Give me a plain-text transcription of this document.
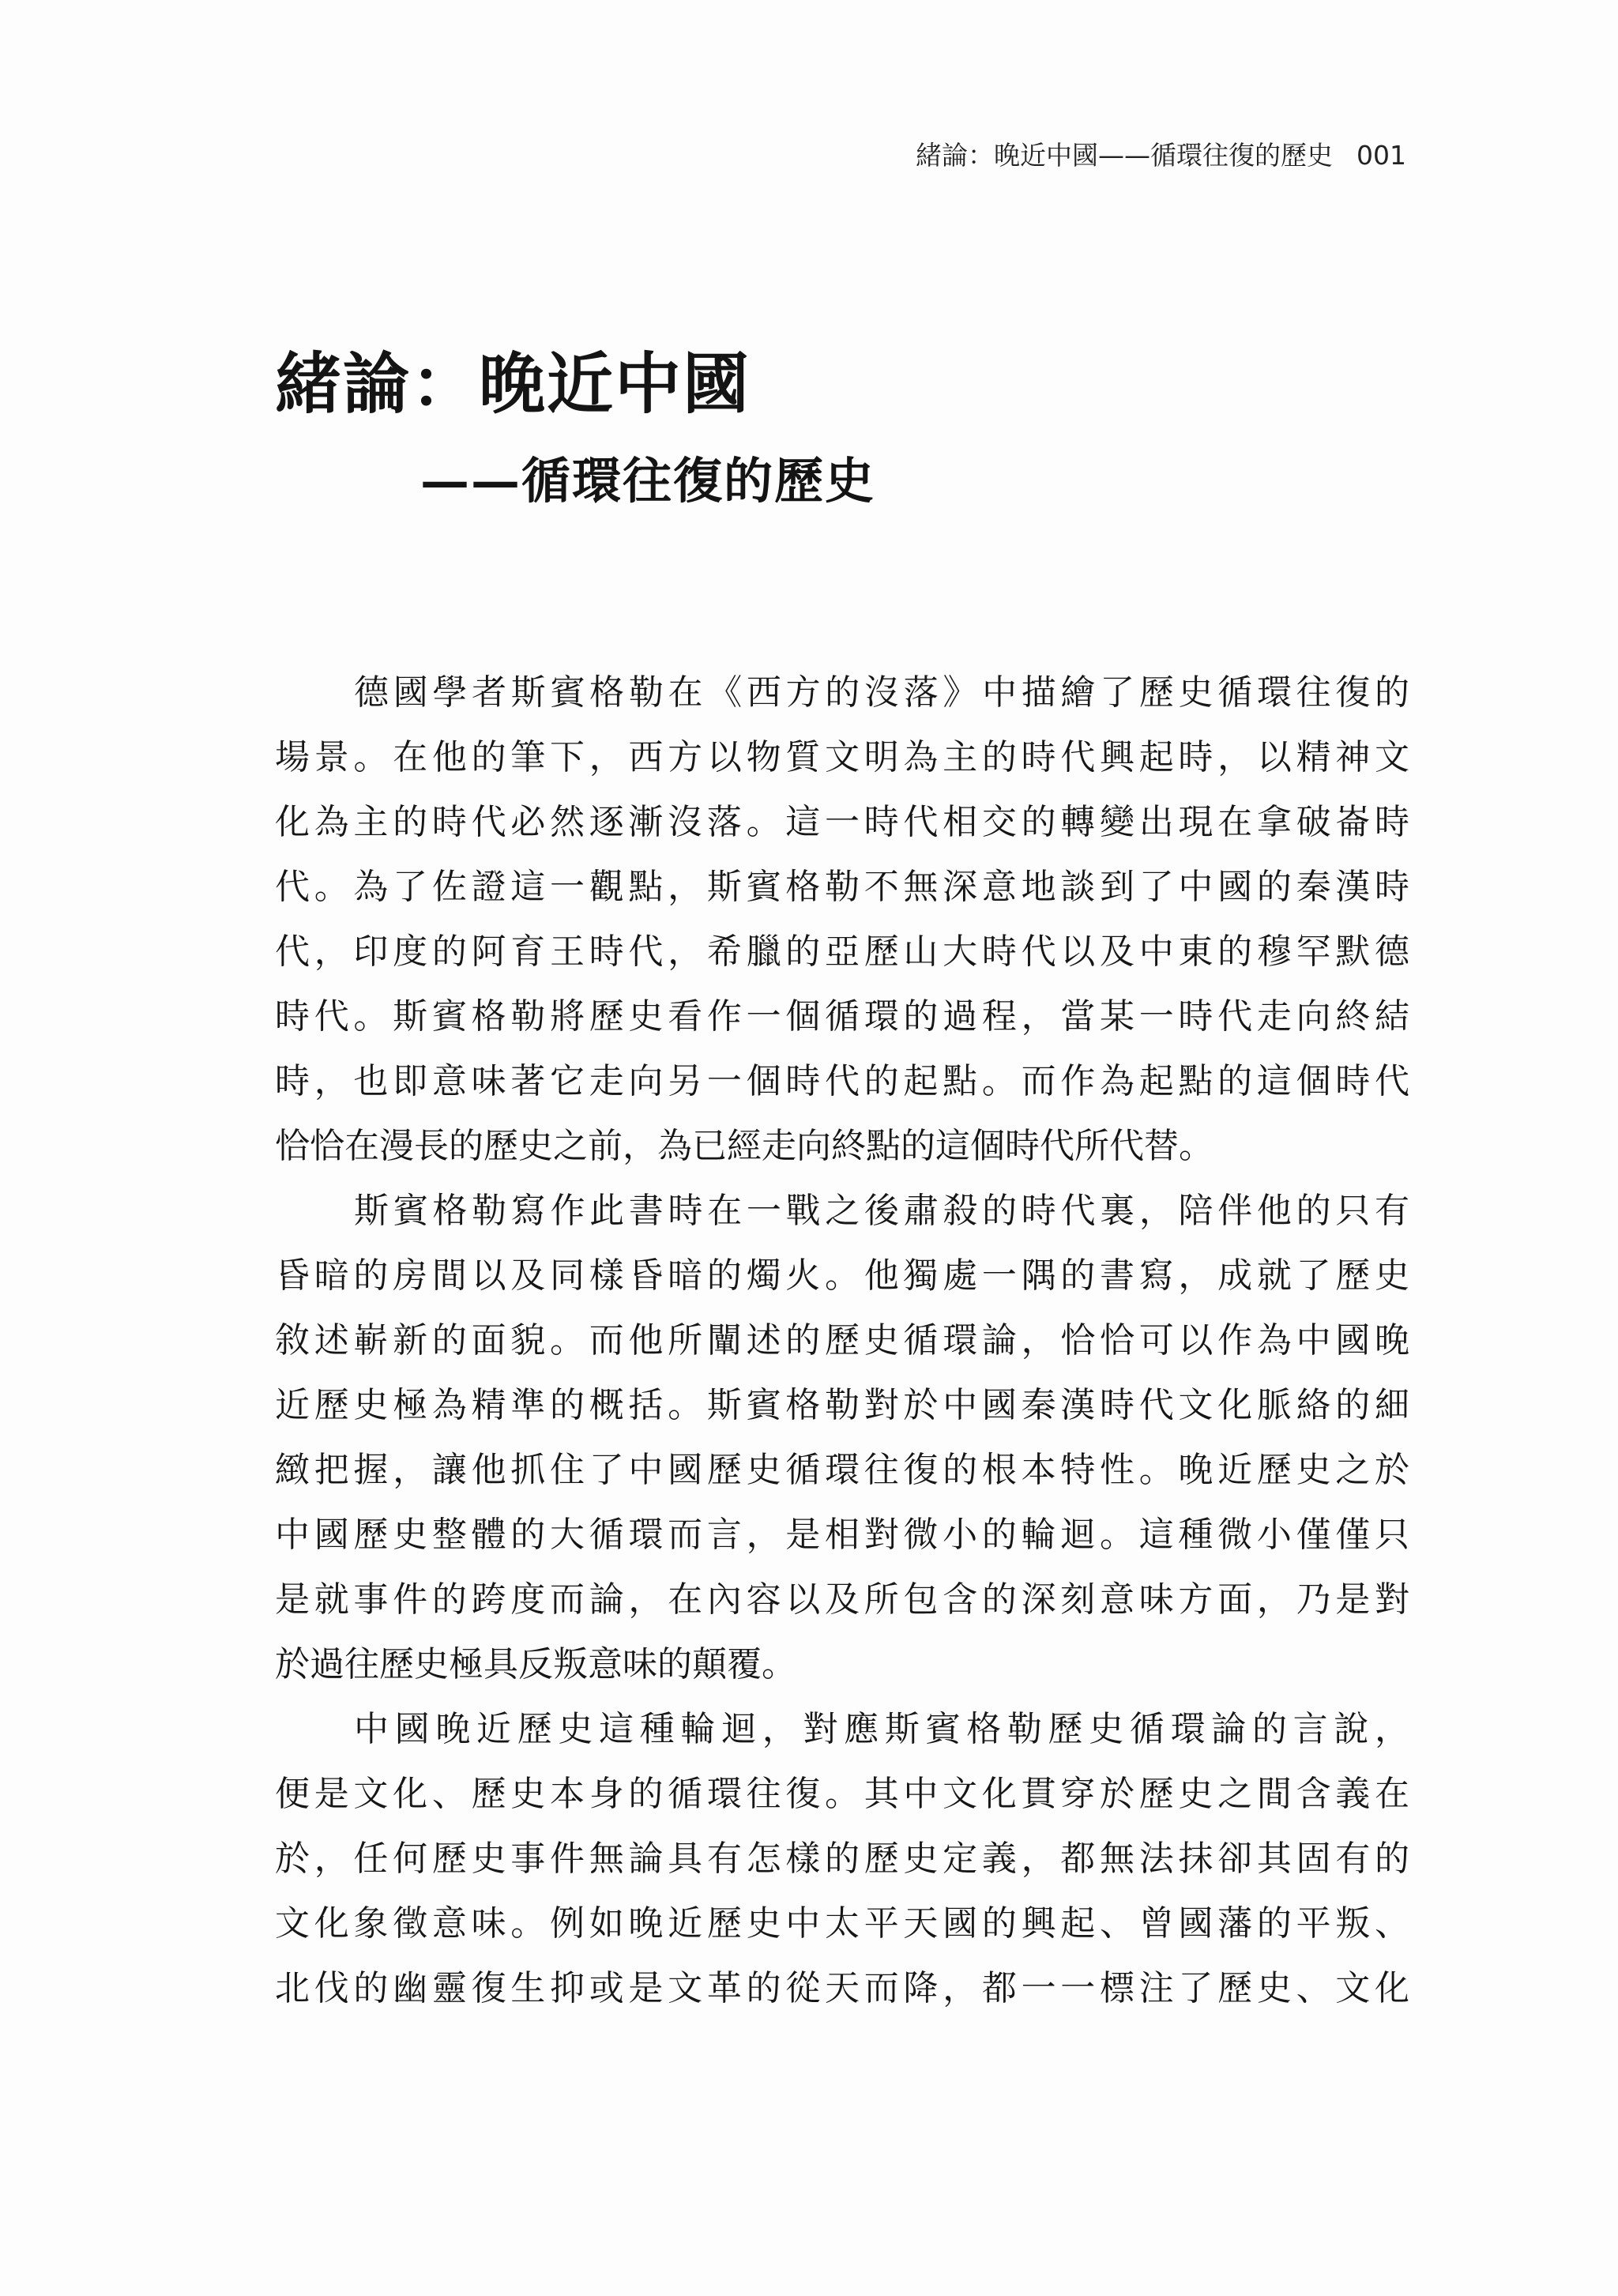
緒論：晚近中國——循環往復的歷史 001
緒論：晚近中國
——循環往復的歷史
德國學者斯賓格勒在《西方的沒落》中描繪了歷史循環往復的
場景。在他的筆下，西方以物質文明為主的時代興起時，以精神文
化為主的時代必然逐漸沒落。這一時代相交的轉變出現在拿破崙時
代。為了佐證這一觀點，斯賓格勒不無深意地談到了中國的秦漢時
代，印度的阿育王時代，希臘的亞歷山大時代以及中東的穆罕默德
時代。斯賓格勒將歷史看作一個循環的過程，當某一時代走向終結
時，也即意味著它走向另一個時代的起點。而作為起點的這個時代
恰恰在漫長的歷史之前，為已經走向終點的這個時代所代替。
斯賓格勒寫作此書時在一戰之後肅殺的時代裏，陪伴他的只有
昏暗的房間以及同樣昏暗的燭火。他獨處一隅的書寫，成就了歷史
敘述嶄新的面貌。而他所闡述的歷史循環論，恰恰可以作為中國晚
近歷史極為精準的概括。斯賓格勒對於中國秦漢時代文化脈絡的細
緻把握，讓他抓住了中國歷史循環往復的根本特性。晚近歷史之於
中國歷史整體的大循環而言，是相對微小的輪迴。這種微小僅僅只
是就事件的跨度而論，在內容以及所包含的深刻意味方面，乃是對
於過往歷史極具反叛意味的顛覆。
中國晚近歷史這種輪迴，對應斯賓格勒歷史循環論的言說，
便是文化、歷史本身的循環往復。其中文化貫穿於歷史之間含義在
於，任何歷史事件無論具有怎樣的歷史定義，都無法抹卻其固有的
文化象徵意味。例如晚近歷史中太平天國的興起、曾國藩的平叛、
北伐的幽靈復生抑或是文革的從天而降，都一一標注了歷史、文化
